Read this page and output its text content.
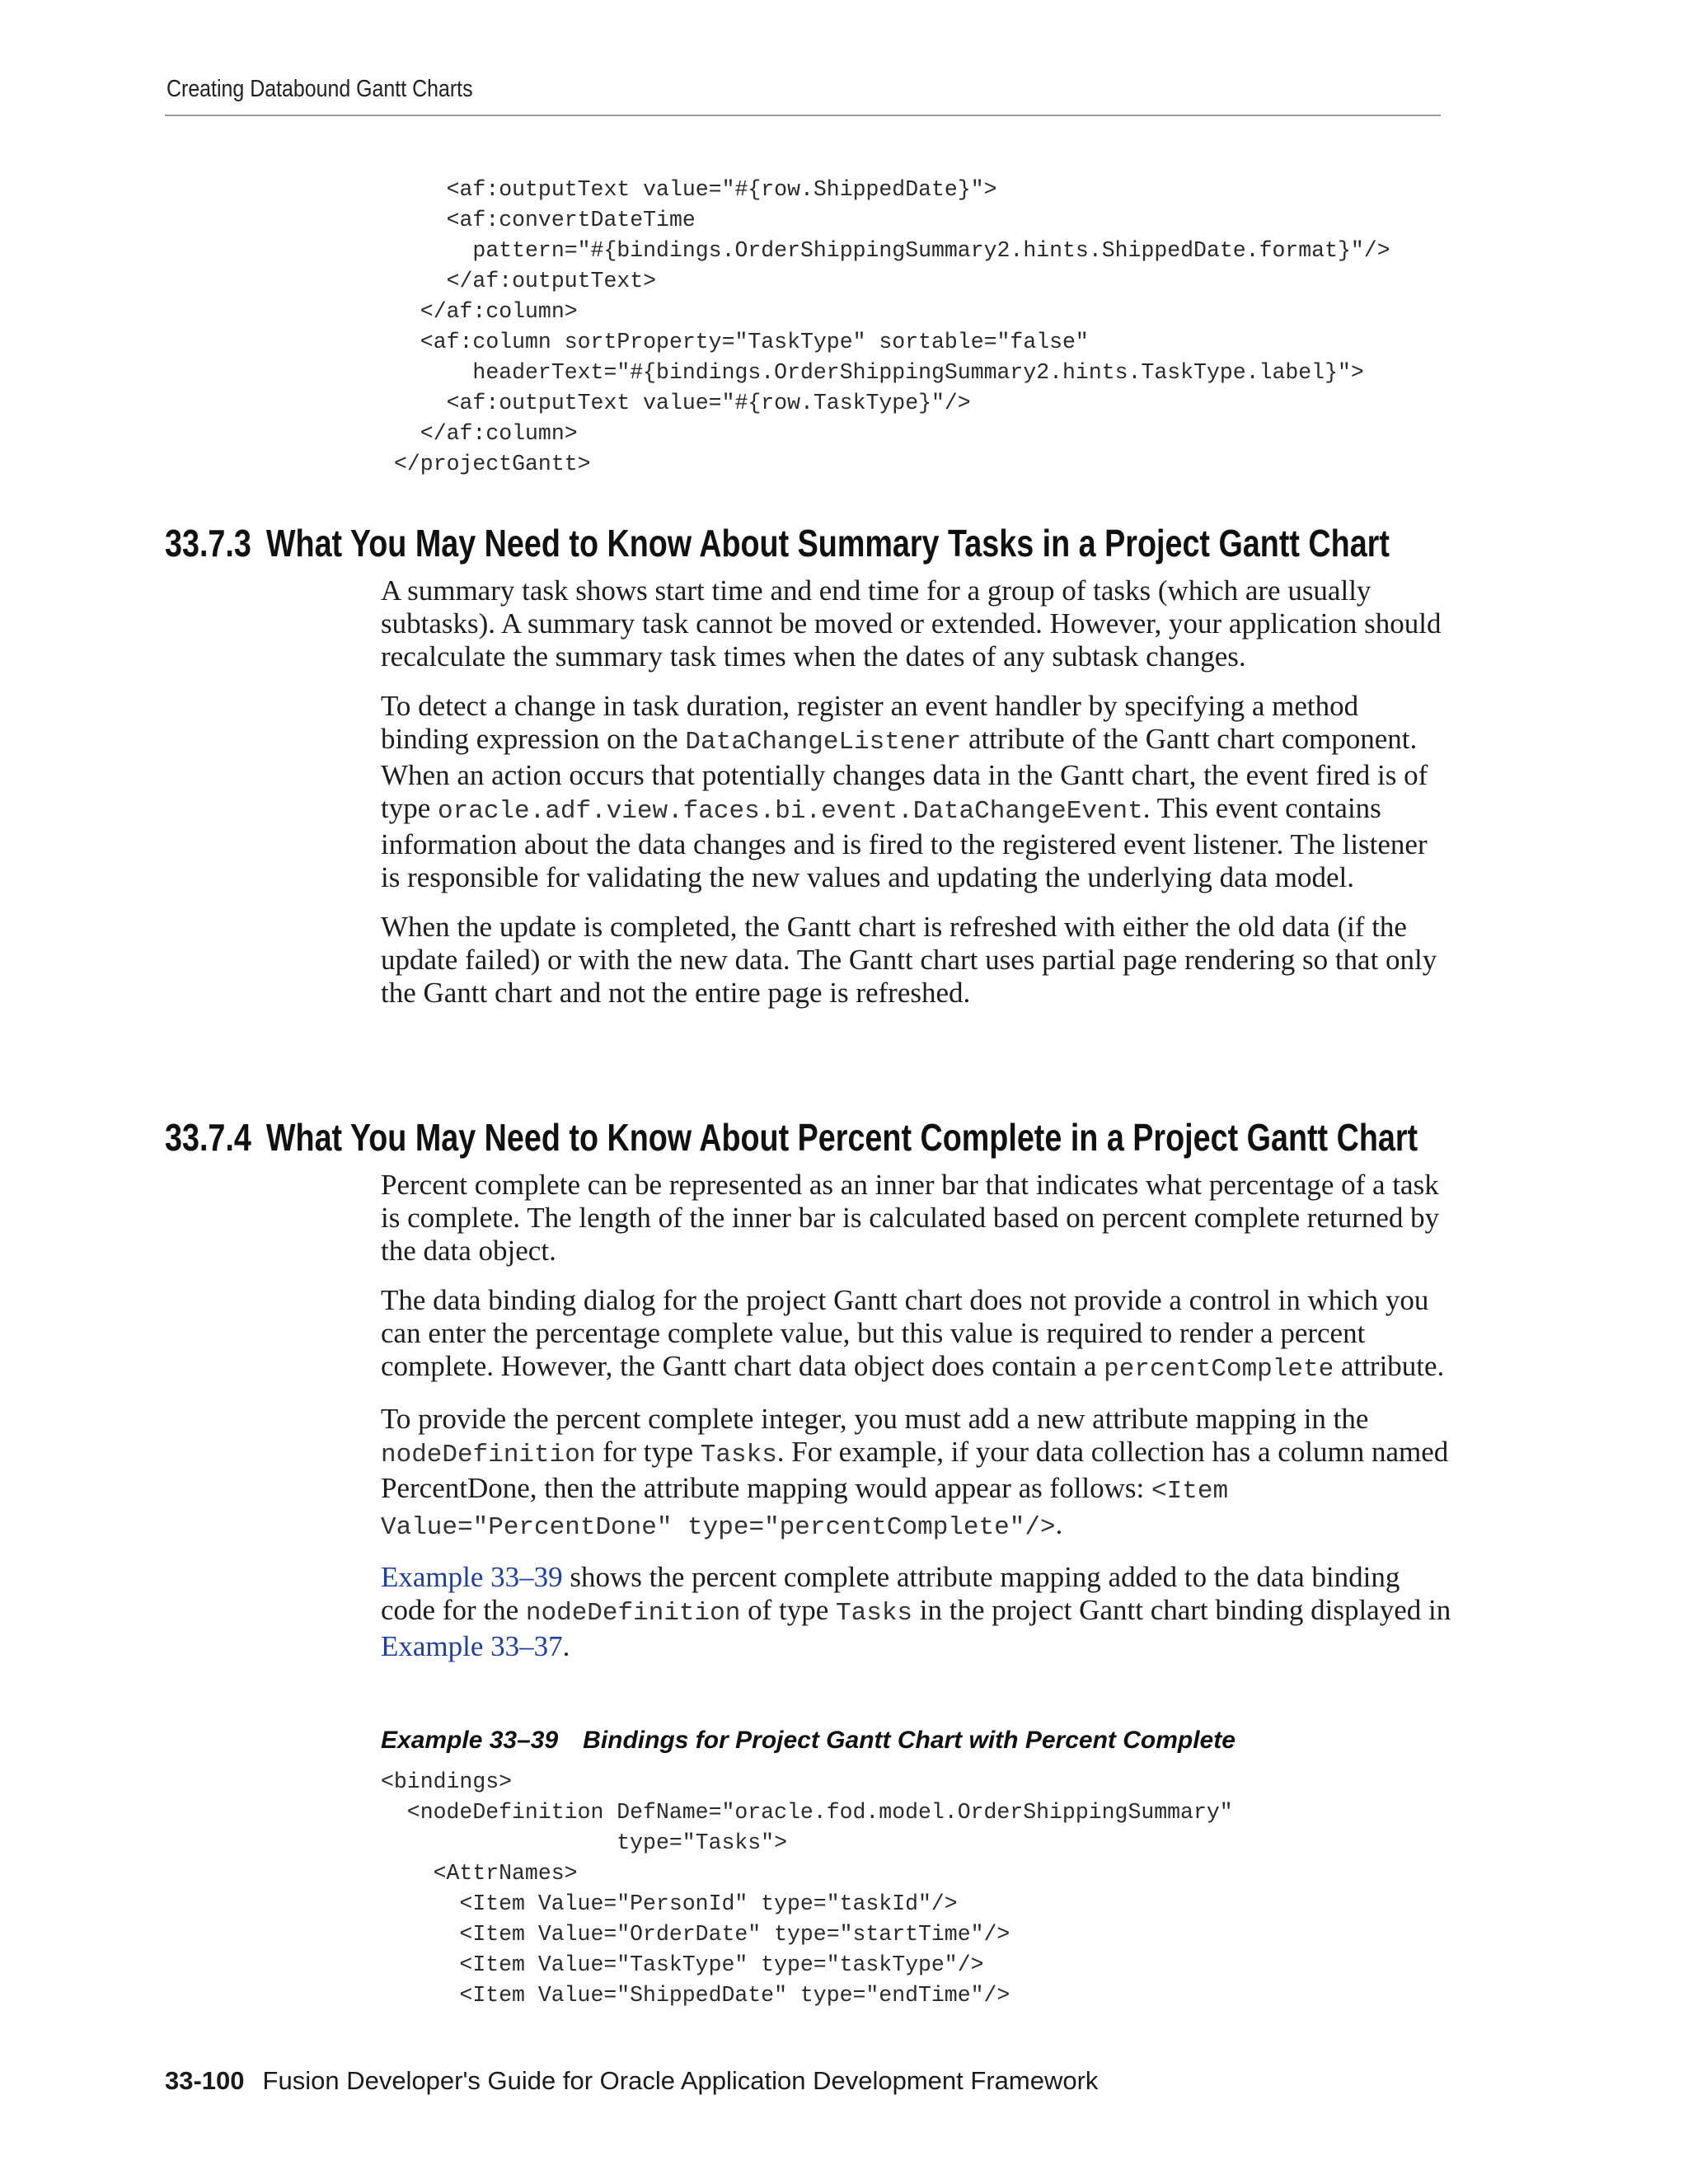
Creating Databound Gantt Charts
<af:outputText value="#{row.ShippedDate}">
<af:convertDateTime
pattern="#{bindings.OrderShippingSummary2.hints.ShippedDate.format}"/>
</af:outputText>
</af:column>
<af:column sortProperty="TaskType" sortable="false"
headerText="#{bindings.OrderShippingSummary2.hints.TaskType.label}">
<af:outputText value="#{row.TaskType}"/>
</af:column>
</projectGantt>
33.7.3 What You May Need to Know About Summary Tasks in a Project Gantt Chart

A summary task shows start time and end time for a group of tasks (which are usually subtasks). A summary task cannot be moved or extended. However, your application should recalculate the summary task times when the dates of any subtask changes.

To detect a change in task duration, register an event handler by specifying a method binding expression on the DataChangeListener attribute of the Gantt chart component. When an action occurs that potentially changes data in the Gantt chart, the event fired is of type oracle.adf.view.faces.bi.event.DataChangeEvent. This event contains information about the data changes and is fired to the registered event listener. The listener is responsible for validating the new values and updating the underlying data model.

When the update is completed, the Gantt chart is refreshed with either the old data (if the update failed) or with the new data. The Gantt chart uses partial page rendering so that only the Gantt chart and not the entire page is refreshed.

33.7.4 What You May Need to Know About Percent Complete in a Project Gantt Chart

Percent complete can be represented as an inner bar that indicates what percentage of a task is complete. The length of the inner bar is calculated based on percent complete returned by the data object.

The data binding dialog for the project Gantt chart does not provide a control in which you can enter the percentage complete value, but this value is required to render a percent complete. However, the Gantt chart data object does contain a percentComplete attribute.

To provide the percent complete integer, you must add a new attribute mapping in the nodeDefinition for type Tasks. For example, if your data collection has a column named PercentDone, then the attribute mapping would appear as follows: <Item Value="PercentDone" type="percentComplete"/>.

Example 33–39 shows the percent complete attribute mapping added to the data binding code for the nodeDefinition of type Tasks in the project Gantt chart binding displayed in Example 33–37.

Example 33–39 Bindings for Project Gantt Chart with Percent Complete
<bindings>
<nodeDefinition DefName="oracle.fod.model.OrderShippingSummary"
type="Tasks">
<AttrNames>
<Item Value="PersonId" type="taskId"/>
<Item Value="OrderDate" type="startTime"/>
<Item Value="TaskType" type="taskType"/>
<Item Value="ShippedDate" type="endTime"/>
33-100 Fusion Developer's Guide for Oracle Application Development Framework
